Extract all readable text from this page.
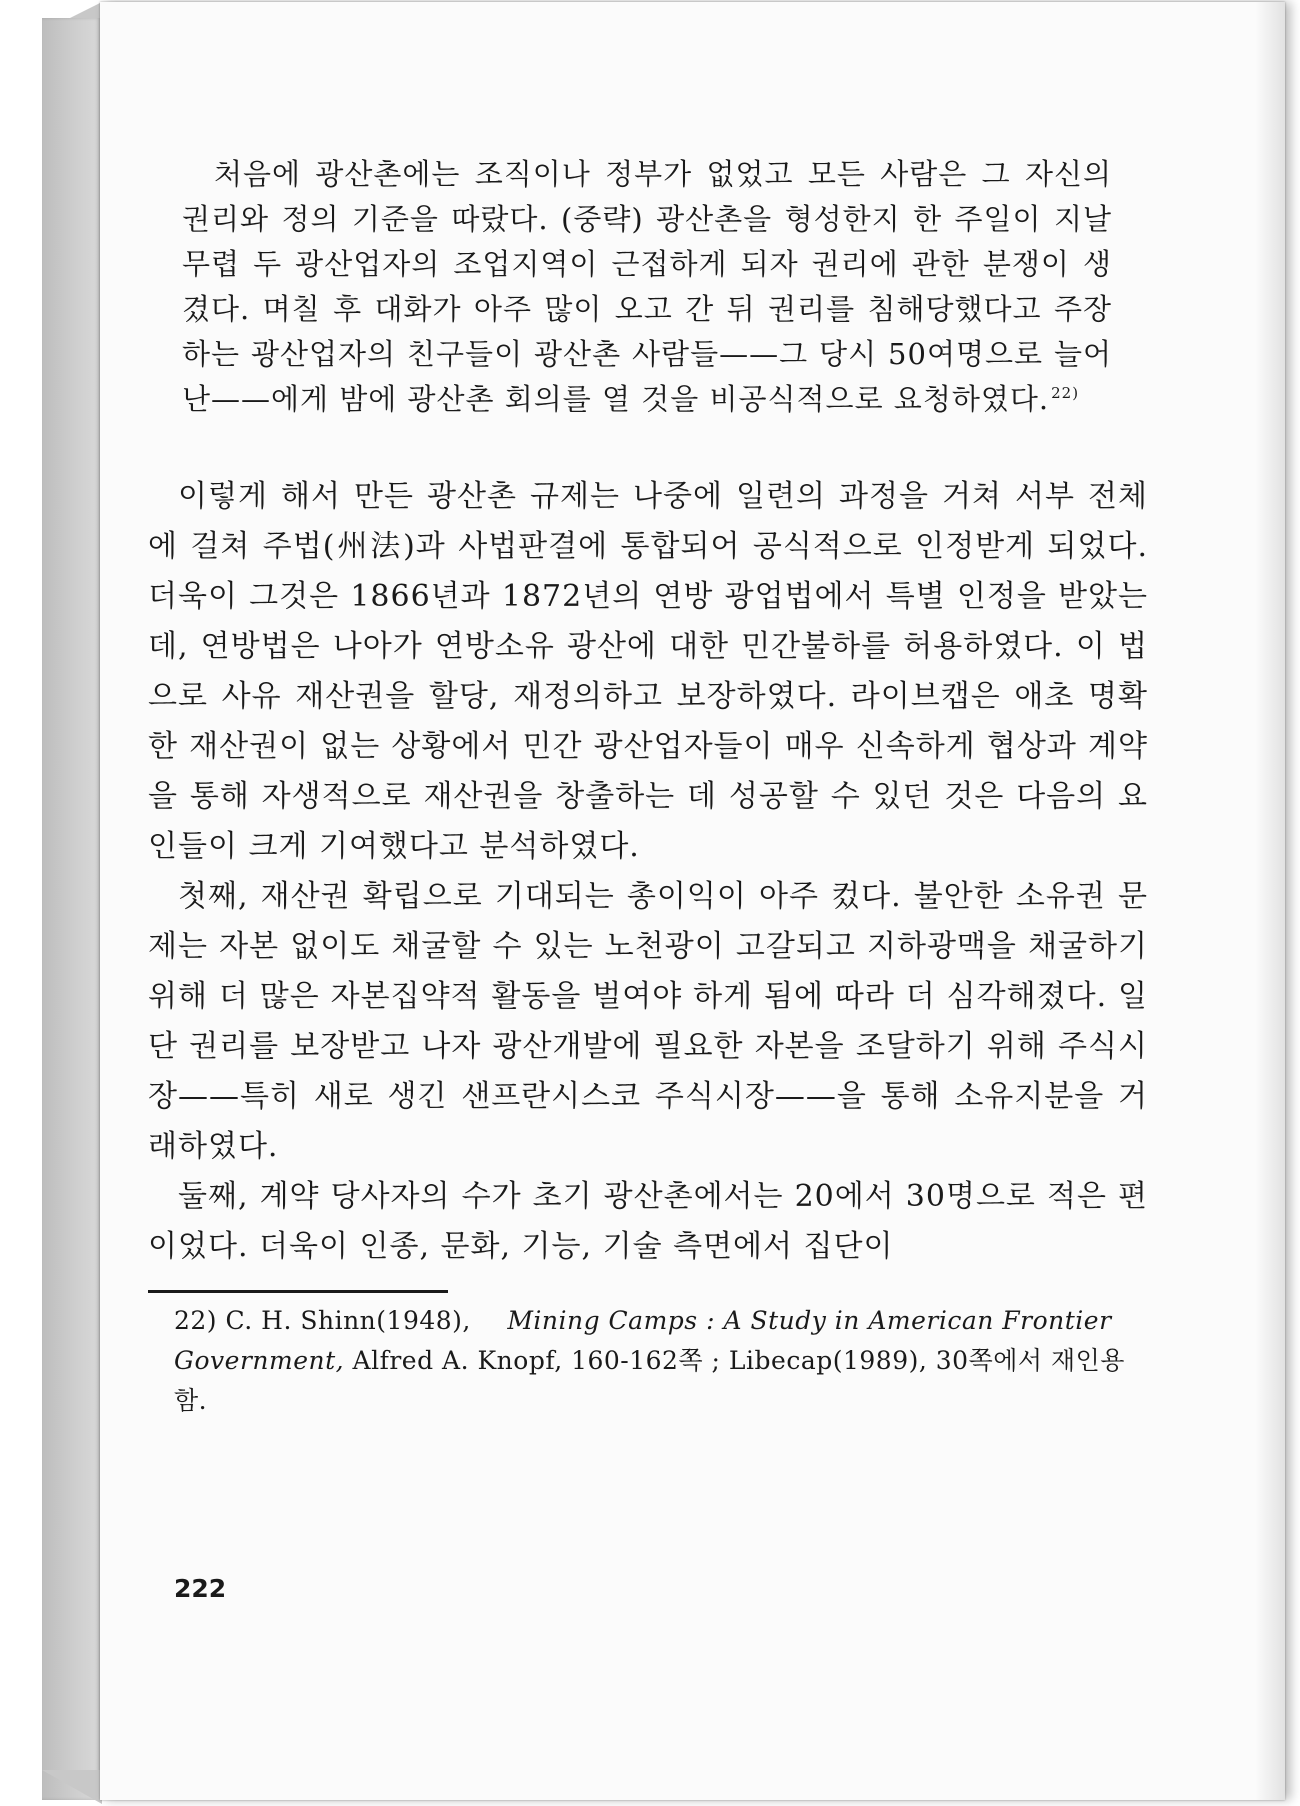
처음에 광산촌에는 조직이나 정부가 없었고 모든 사람은 그 자신의 권리와 정의 기준을 따랐다. (중략) 광산촌을 형성한지 한 주일이 지날 무렵 두 광산업자의 조업지역이 근접하게 되자 권리에 관한 분쟁이 생겼다. 며칠 후 대화가 아주 많이 오고 간 뒤 권리를 침해당했다고 주장하는 광산업자의 친구들이 광산촌 사람들——그 당시 50여명으로 늘어난——에게 밤에 광산촌 회의를 열 것을 비공식적으로 요청하였다. $^{22)}$

이렇게 해서 만든 광산촌 규제는 나중에 일련의 과정을 거쳐 서부 전체에 걸쳐 주법(州法)과 사법판결에 통합되어 공식적으로 인정받게 되었다. 더욱이 그것은 1866년과 1872년의 연방 광업법에서 특별 인정을 받았는데, 연방법은 나아가 연방소유 광산에 대한 민간불하를 허용하였다. 이 법으로 사유 재산권을 할당, 재정의하고 보장하였다. 라이브캡은 애초 명확한 재산권이 없는 상황에서 민간 광산업자들이 매우 신속하게 협상과 계약을 통해 자생적으로 재산권을 창출하는 데 성공할 수 있던 것은 다음의 요인들이 크게 기여했다고 분석하였다.

첫째, 재산권 확립으로 기대되는 총이익이 아주 컸다. 불안한 소유권 문제는 자본 없이도 채굴할 수 있는 노천광이 고갈되고 지하광맥을 채굴하기 위해 더 많은 자본집약적 활동을 벌여야 하게 됨에 따라 더 심각해졌다. 일단 권리를 보장받고 나자 광산개발에 필요한 자본을 조달하기 위해 주식시장——특히 새로 생긴 샌프란시스코 주식시장——을 통해 소유지분을 거래하였다.

둘째, 계약 당사자의 수가 초기 광산촌에서는 20에서 30명으로 적은 편이었다. 더욱이 인종, 문화, 기능, 기술 측면에서 집단이

22) C. H. Shinn(1948), Mining Camps : A Study in American Frontier Government, Alfred A. Knopf, 160-162쪽 ; Libecap(1989), 30쪽에서 재인용함.
222
